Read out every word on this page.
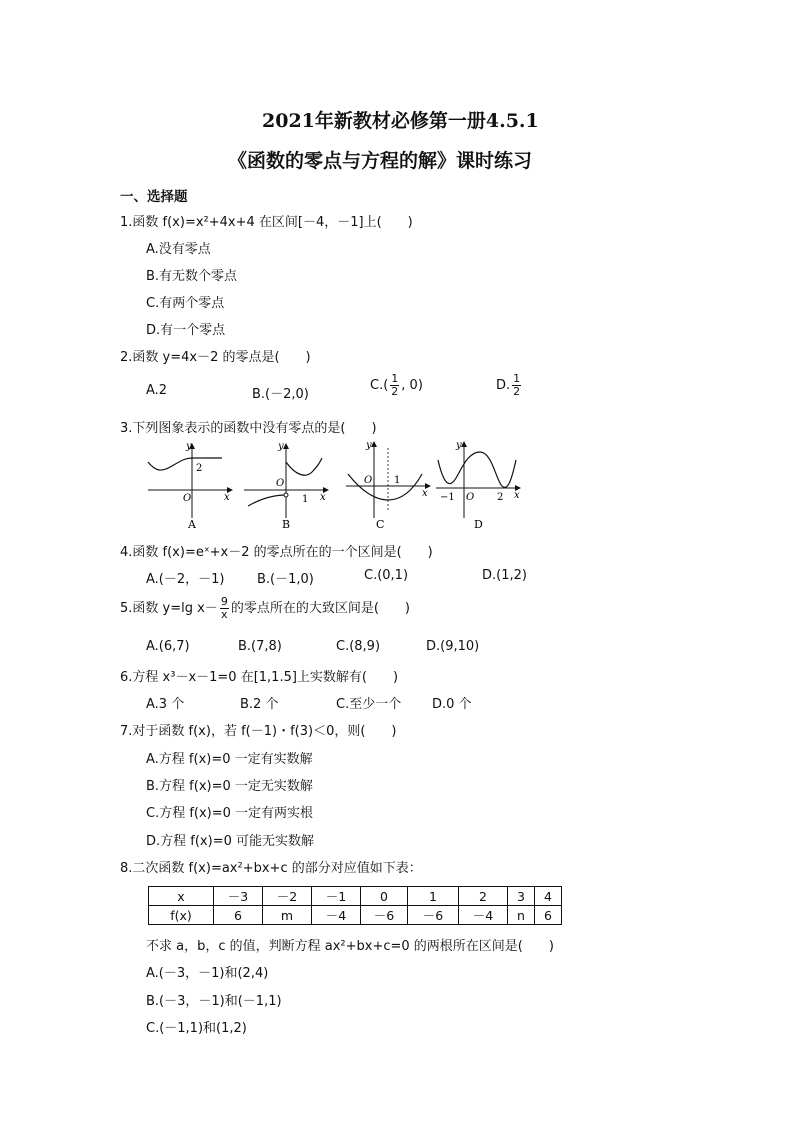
2021年新教材必修第一册4.5.1
《函数的零点与方程的解》课时练习
一、选择题
1.函数 f(x)=x²+4x+4 在区间[－4，－1]上(　　)
A.没有零点
B.有无数个零点
C.有两个零点
D.有一个零点
2.函数 y=4x－2 的零点是(　　)
A.2	B.(－2,0)
$C.( \frac{1}{2}$ , 0)	D. $\frac{1}{2}$
3.下列图象表示的函数中没有零点的是(　　)
y
2
O	x
A
y
O
1 x
B
y
O 1
x
C
y
−1 O 2 x
D
4.函数 f(x)=eˣ+x－2 的零点所在的一个区间是(　　)
A.(－2，－1)	B.(－1,0)	C.(0,1)	D.(1,2)
5.函数 y=lg $x- \frac{9}{x}$ 的零点所在的大致区间是(　　)
A.(6,7)	B.(7,8)	C.(8,9)	D.(9,10)
6.方程 x³－x－1=0 在[1,1.5]上实数解有(　　)
A.3 个	B.2 个	C.至少一个 D.0 个
7.对于函数 f(x)，若 f(－1)・f(3)＜0，则(　　)
A.方程 f(x)=0 一定有实数解
B.方程 f(x)=0 一定无实数解
C.方程 f(x)=0 一定有两实根
D.方程 f(x)=0 可能无实数解
8.二次函数 f(x)=ax²+bx+c 的部分对应值如下表：
x	－3	－2	－1	0	1	2	3	4
f(x)	6	m	－4	－6	－6	－4	n	6
不求 a，b，c 的值，判断方程 ax²+bx+c=0 的两根所在区间是(　　)
A.(－3，－1)和(2,4)
B.(－3，－1)和(－1,1)
C.(－1,1)和(1,2)
